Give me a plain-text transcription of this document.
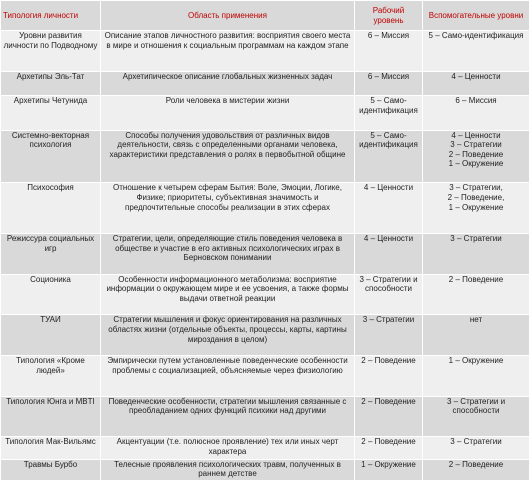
Типология личности	Область применения	Рабочий уровень	Вспомогательные уровни
Уровни развития личности по Подводному	Описание этапов личностного развития: восприятия своего места в мире и отношения к социальным программам на каждом этапе	6 – Миссия	5 – Само-идентификация
Архетипы Эль-Тат	Архетипическое описание глобальных жизненных задач	6 – Миссия	4 – Ценности
Архетипы Четунида	Роли человека в мистерии жизни	5 – Само-идентификация	6 – Миссия
Системно-векторная психология	Способы получения удовольствия от различных видов деятельности, связь с определенными органами человека, характеристики представления о ролях в первобытной общине	5 – Само-идентификация	4 – Ценности
3 – Стратегии
2 – Поведение
1 – Окружение
Психософия	Отношение к четырем сферам Бытия: Воле, Эмоции, Логике, Физике; приоритеты, субъективная значимость и предпочтительные способы реализации в этих сферах	4 – Ценности	3 – Стратегии,
2 – Поведение,
1 – Окружение
Режиссура социальных игр	Стратегии, цели, определяющие стиль поведения человека в обществе и участие в его активных психологических играх в Берновском понимании	4 – Ценности	3 – Стратегии
Соционика	Особенности информационного метаболизма: восприятие информации о окружающем мире и ее усвоения, а также формы выдачи ответной реакции	3 – Стратегии и способности	2 – Поведение
ТУАИ	Стратегии мышления и фокус ориентирования на различных областях жизни (отдельные объекты, процессы, карты, картины мироздания в целом)	3 – Стратегии	нет
Типология «Кроме людей»	Эмпирически путем установленные поведенческие особенности проблемы с социализацией, объясняемые через физиологию	2 – Поведение	1 – Окружение
Типология Юнга и MBTI	Поведенческие особенности, стратегии мышления связанные с преобладанием одних функций психики над другими	2 – Поведение	3 – Стратегии и способности
Типология Мак-Вильямс	Акцентуации (т.е. полюсное проявление) тех или иных черт характера	2 – Поведение	3 – Стратегии
Травмы Бурбо	Телесные проявления психологических травм, полученных в раннем детстве	1 – Окружение	2 – Поведение
